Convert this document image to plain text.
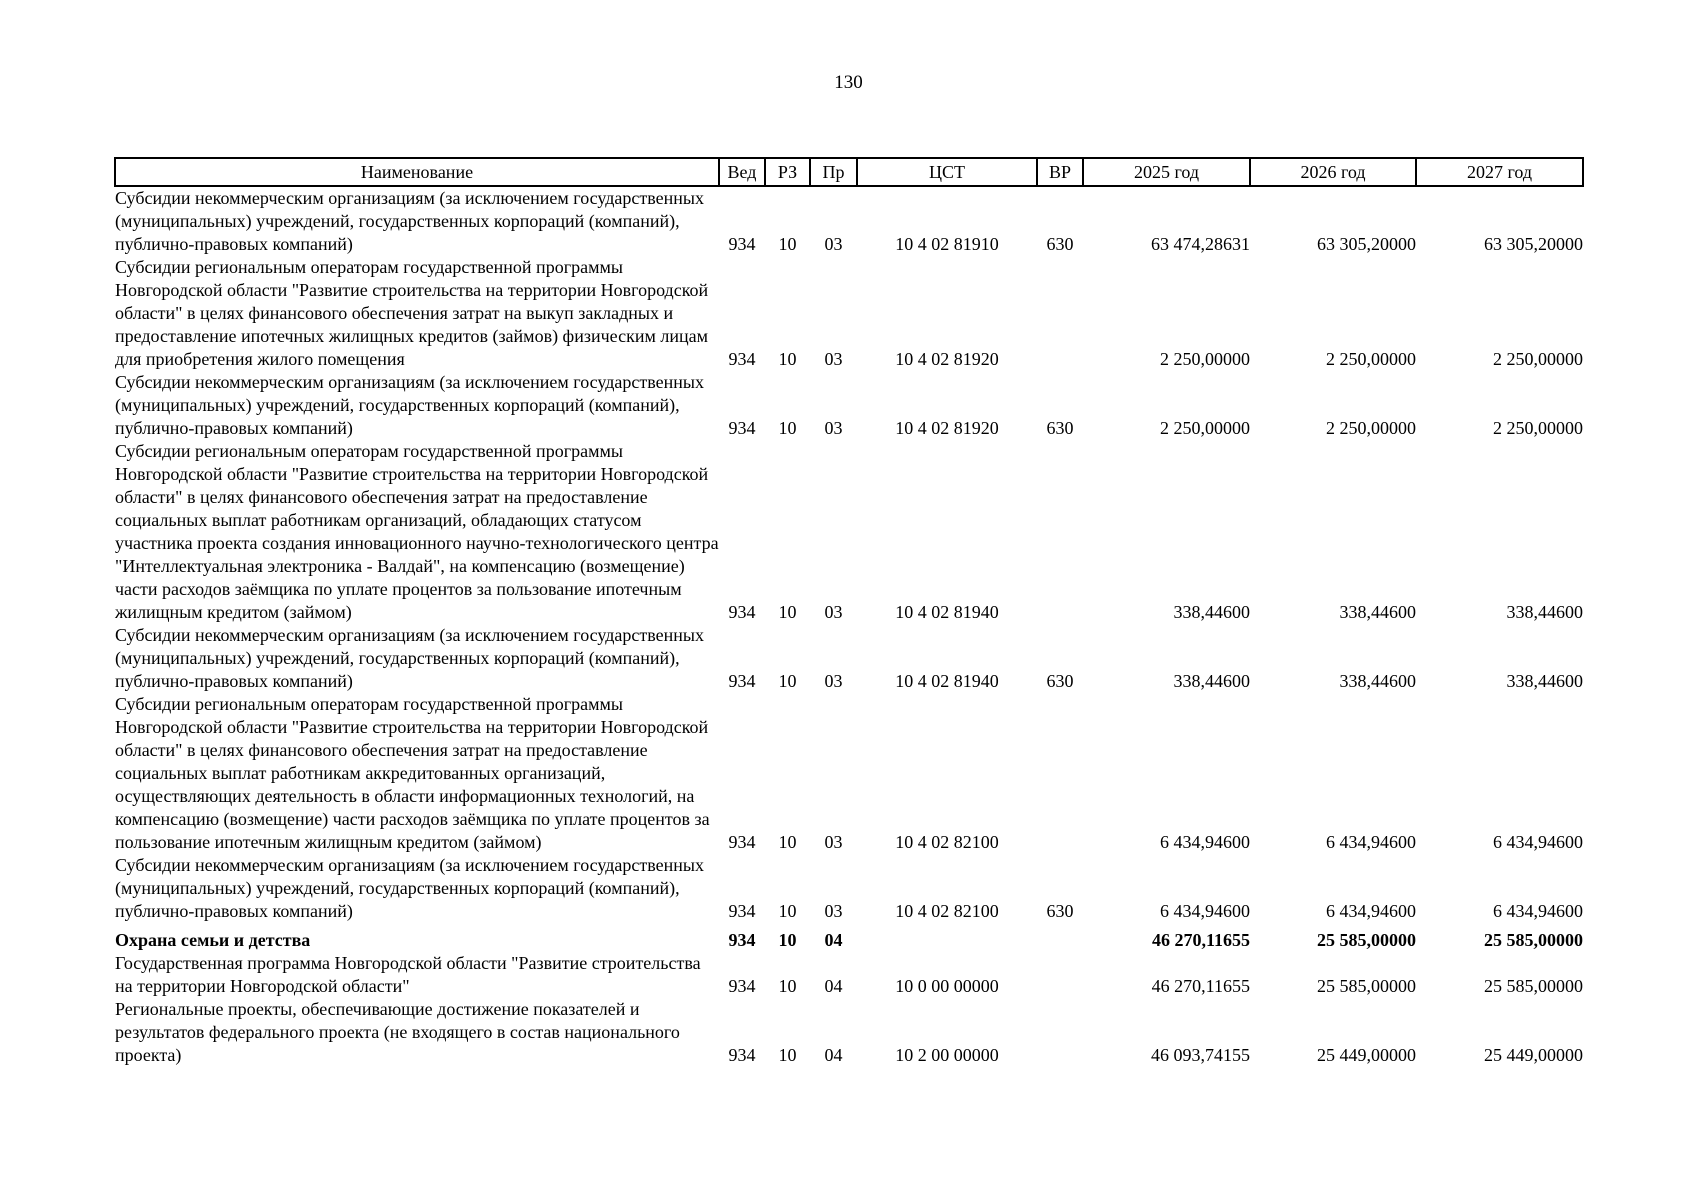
130
Наименование	Вед	РЗ	Пр	ЦСТ	ВР	2025 год	2026 год	2027 год
Субсидии некоммерческим организациям (за исключением государственных (муниципальных) учреждений, государственных корпораций (компаний), публично-правовых компаний)	934	10	03	10 4 02 81910	630	63 474,28631	63 305,20000	63 305,20000
Субсидии региональным операторам государственной программы Новгородской области "Развитие строительства на территории Новгородской области" в целях финансового обеспечения затрат на выкуп закладных и предоставление ипотечных жилищных кредитов (займов) физическим лицам для приобретения жилого помещения	934	10	03	10 4 02 81920		2 250,00000	2 250,00000	2 250,00000
Субсидии некоммерческим организациям (за исключением государственных (муниципальных) учреждений, государственных корпораций (компаний), публично-правовых компаний)	934	10	03	10 4 02 81920	630	2 250,00000	2 250,00000	2 250,00000
Субсидии региональным операторам государственной программы Новгородской области "Развитие строительства на территории Новгородской области" в целях финансового обеспечения затрат на предоставление социальных выплат работникам организаций, обладающих статусом участника проекта создания инновационного научно-технологического центра "Интеллектуальная электроника - Валдай", на компенсацию (возмещение) части расходов заёмщика по уплате процентов за пользование ипотечным жилищным кредитом (займом)	934	10	03	10 4 02 81940		338,44600	338,44600	338,44600
Субсидии некоммерческим организациям (за исключением государственных (муниципальных) учреждений, государственных корпораций (компаний), публично-правовых компаний)	934	10	03	10 4 02 81940	630	338,44600	338,44600	338,44600
Субсидии региональным операторам государственной программы Новгородской области "Развитие строительства на территории Новгородской области" в целях финансового обеспечения затрат на предоставление социальных выплат работникам аккредитованных организаций, осуществляющих деятельность в области информационных технологий, на компенсацию (возмещение) части расходов заёмщика по уплате процентов за пользование ипотечным жилищным кредитом (займом)	934	10	03	10 4 02 82100		6 434,94600	6 434,94600	6 434,94600
Субсидии некоммерческим организациям (за исключением государственных (муниципальных) учреждений, государственных корпораций (компаний), публично-правовых компаний)	934	10	03	10 4 02 82100	630	6 434,94600	6 434,94600	6 434,94600
Охрана семьи и детства	934	10	04			46 270,11655	25 585,00000	25 585,00000
Государственная программа Новгородской области "Развитие строительства на территории Новгородской области"	934	10	04	10 0 00 00000		46 270,11655	25 585,00000	25 585,00000
Региональные проекты, обеспечивающие достижение показателей и результатов федерального проекта (не входящего в состав национального проекта)	934	10	04	10 2 00 00000		46 093,74155	25 449,00000	25 449,00000
